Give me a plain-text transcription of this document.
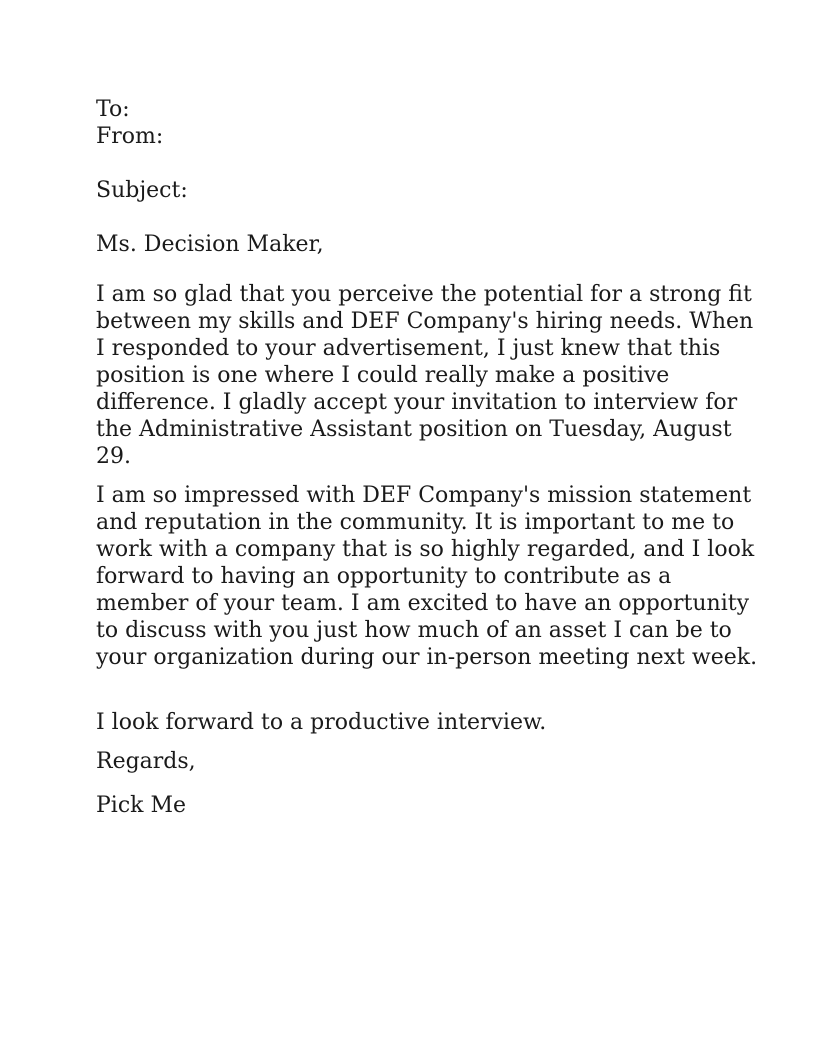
To:
From:
Subject:
Ms. Decision Maker,
I am so glad that you perceive the potential for a strong fit
between my skills and DEF Company's hiring needs. When
I responded to your advertisement, I just knew that this
position is one where I could really make a positive
difference. I gladly accept your invitation to interview for
the Administrative Assistant position on Tuesday, August
29.
I am so impressed with DEF Company's mission statement
and reputation in the community. It is important to me to
work with a company that is so highly regarded, and I look
forward to having an opportunity to contribute as a
member of your team. I am excited to have an opportunity
to discuss with you just how much of an asset I can be to
your organization during our in-person meeting next week.
I look forward to a productive interview.
Regards,
Pick Me
